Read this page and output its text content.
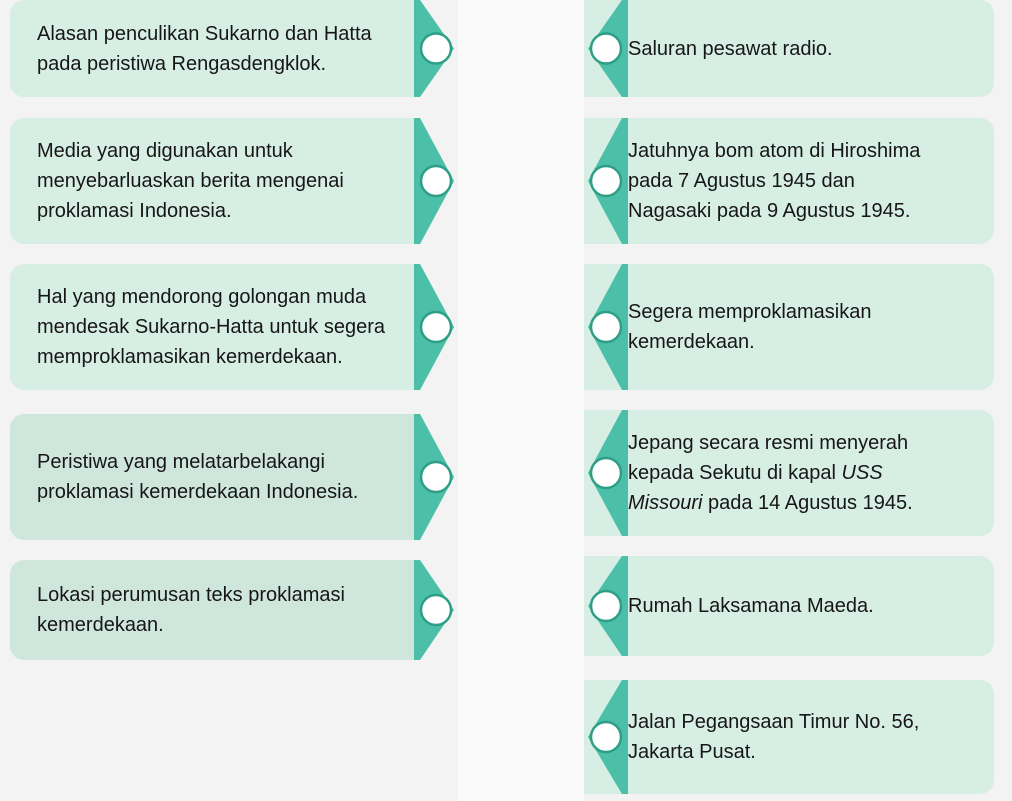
Alasan penculikan Sukarno dan Hatta
pada peristiwa Rengasdengklok.
Media yang digunakan untuk
menyebarluaskan berita mengenai
proklamasi Indonesia.
Hal yang mendorong golongan muda
mendesak Sukarno-Hatta untuk segera
memproklamasikan kemerdekaan.
Peristiwa yang melatarbelakangi
proklamasi kemerdekaan Indonesia.
Lokasi perumusan teks proklamasi
kemerdekaan.
Saluran pesawat radio.
Jatuhnya bom atom di Hiroshima
pada 7 Agustus 1945 dan
Nagasaki pada 9 Agustus 1945.
Segera memproklamasikan
kemerdekaan.
Jepang secara resmi menyerah
kepada Sekutu di kapal USS
Missouri pada 14 Agustus 1945.
Rumah Laksamana Maeda.
Jalan Pegangsaan Timur No. 56,
Jakarta Pusat.
